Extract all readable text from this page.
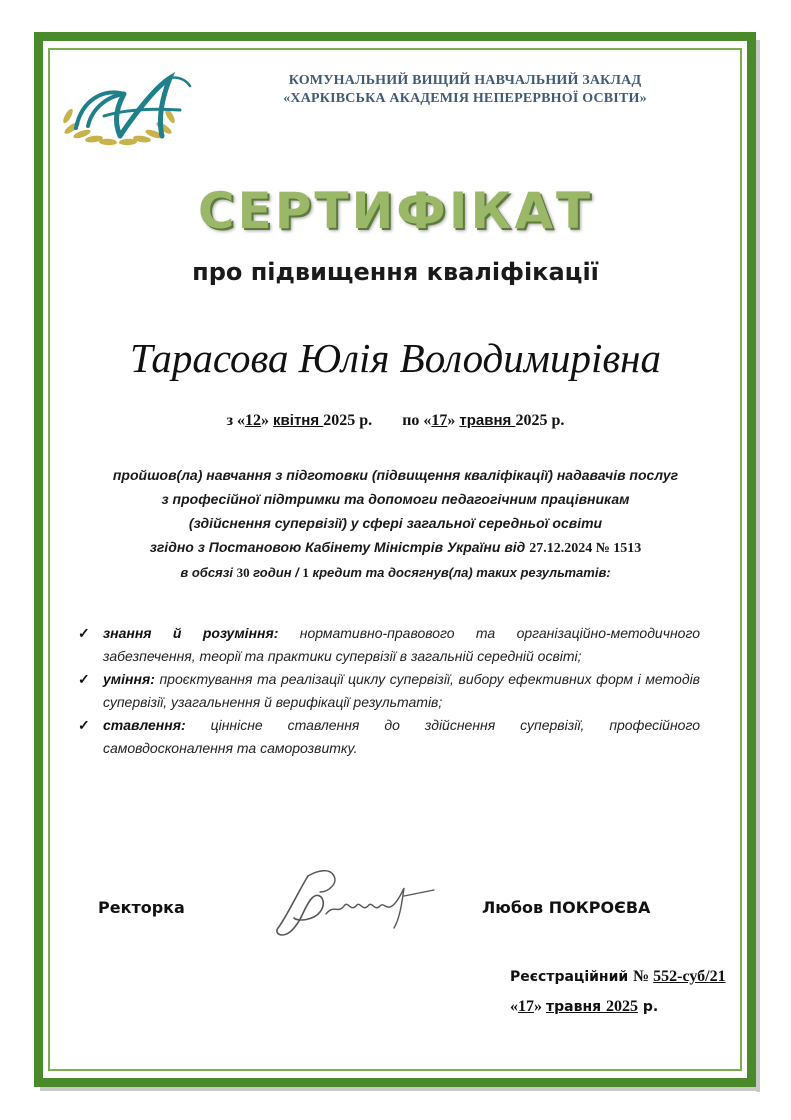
КОМУНАЛЬНИЙ ВИЩИЙ НАВЧАЛЬНИЙ ЗАКЛАД
«ХАРКІВСЬКА АКАДЕМІЯ НЕПЕРЕРВНОЇ ОСВІТИ»
СЕРТИФІКАТ
про підвищення кваліфікації
Тарасова Юлія Володимирівна
з «12» квітня 2025 р. по «17» травня 2025 р.
пройшов(ла) навчання з підготовки (підвищення кваліфікації) надавачів послуг
з професійної підтримки та допомоги педагогічним працівникам
(здійснення супервізії) у сфері загальної середньої освіти
згідно з Постановою Кабінету Міністрів України від 27.12.2024 № 1513
в обсязі 30 годин / 1 кредит та досягнув(ла) таких результатів:
✓ знання й розуміння: нормативно-правового та організаційно-методичного забезпечення, теорії та практики супервізії в загальній середній освіті;
✓ уміння: проєктування та реалізації циклу супервізії, вибору ефективних форм і методів супервізії, узагальнення й верифікації результатів;
✓ ставлення: ціннісне ставлення до здійснення супервізії, професійного самовдосконалення та саморозвитку.
Ректорка	Любов ПОКРОЄВА
Реєстраційний № 552-суб/21
«17» травня 2025 р.
